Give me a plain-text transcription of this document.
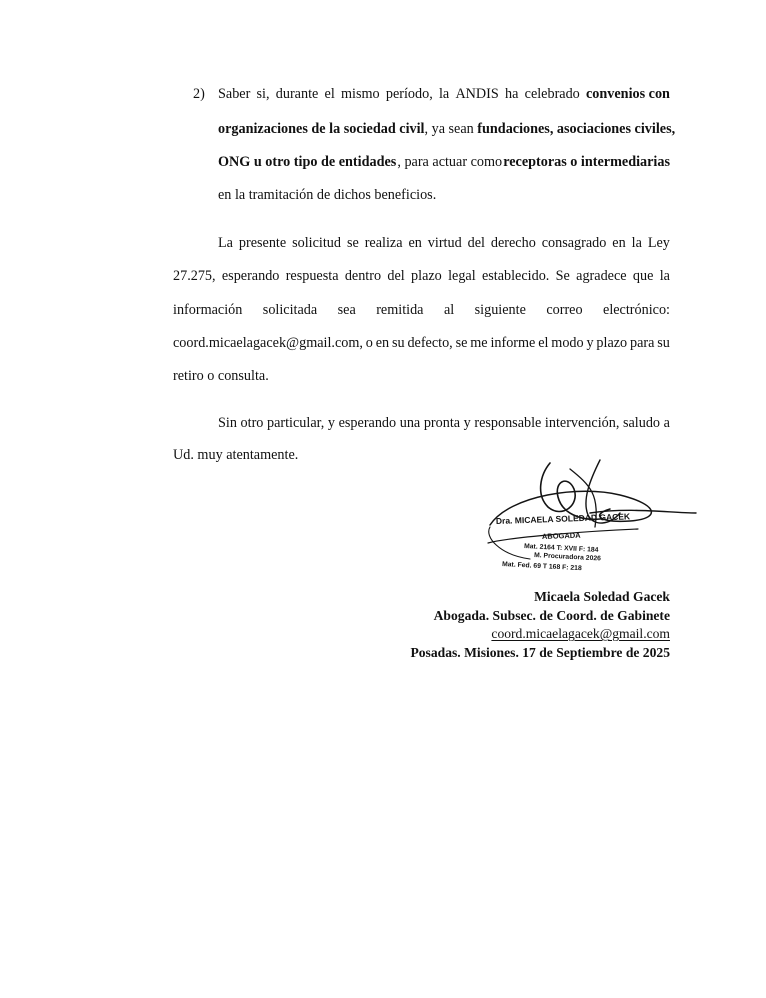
2) Saber si, durante el mismo período, la ANDIS ha celebrado convenios con
organizaciones de la sociedad civil, ya sean fundaciones, asociaciones civiles,
ONG u otro tipo de entidades , para actuar como receptoras o intermediarias
en la tramitación de dichos beneficios.
La presente solicitud se realiza en virtud del derecho consagrado en la Ley
27.275, esperando respuesta dentro del plazo legal establecido. Se agradece que la
información solicitada sea remitida al siguiente correo electrónico:
coord.micaelagacek@gmail.com, o en su defecto, se me informe el modo y plazo para su
retiro o consulta.
Sin otro particular, y esperando una pronta y responsable intervención, saludo a
Ud. muy atentamente.
Dra. MICAELA SOLEDAD GACEK
ABOGADA
Mat. 2164 T: XVII F: 184
M. Procuradora 2026
Mat. Fed. 69 T 168 F: 218
Micaela Soledad Gacek
Abogada. Subsec. de Coord. de Gabinete
coord.micaelagacek@gmail.com
Posadas. Misiones. 17 de Septiembre de 2025
